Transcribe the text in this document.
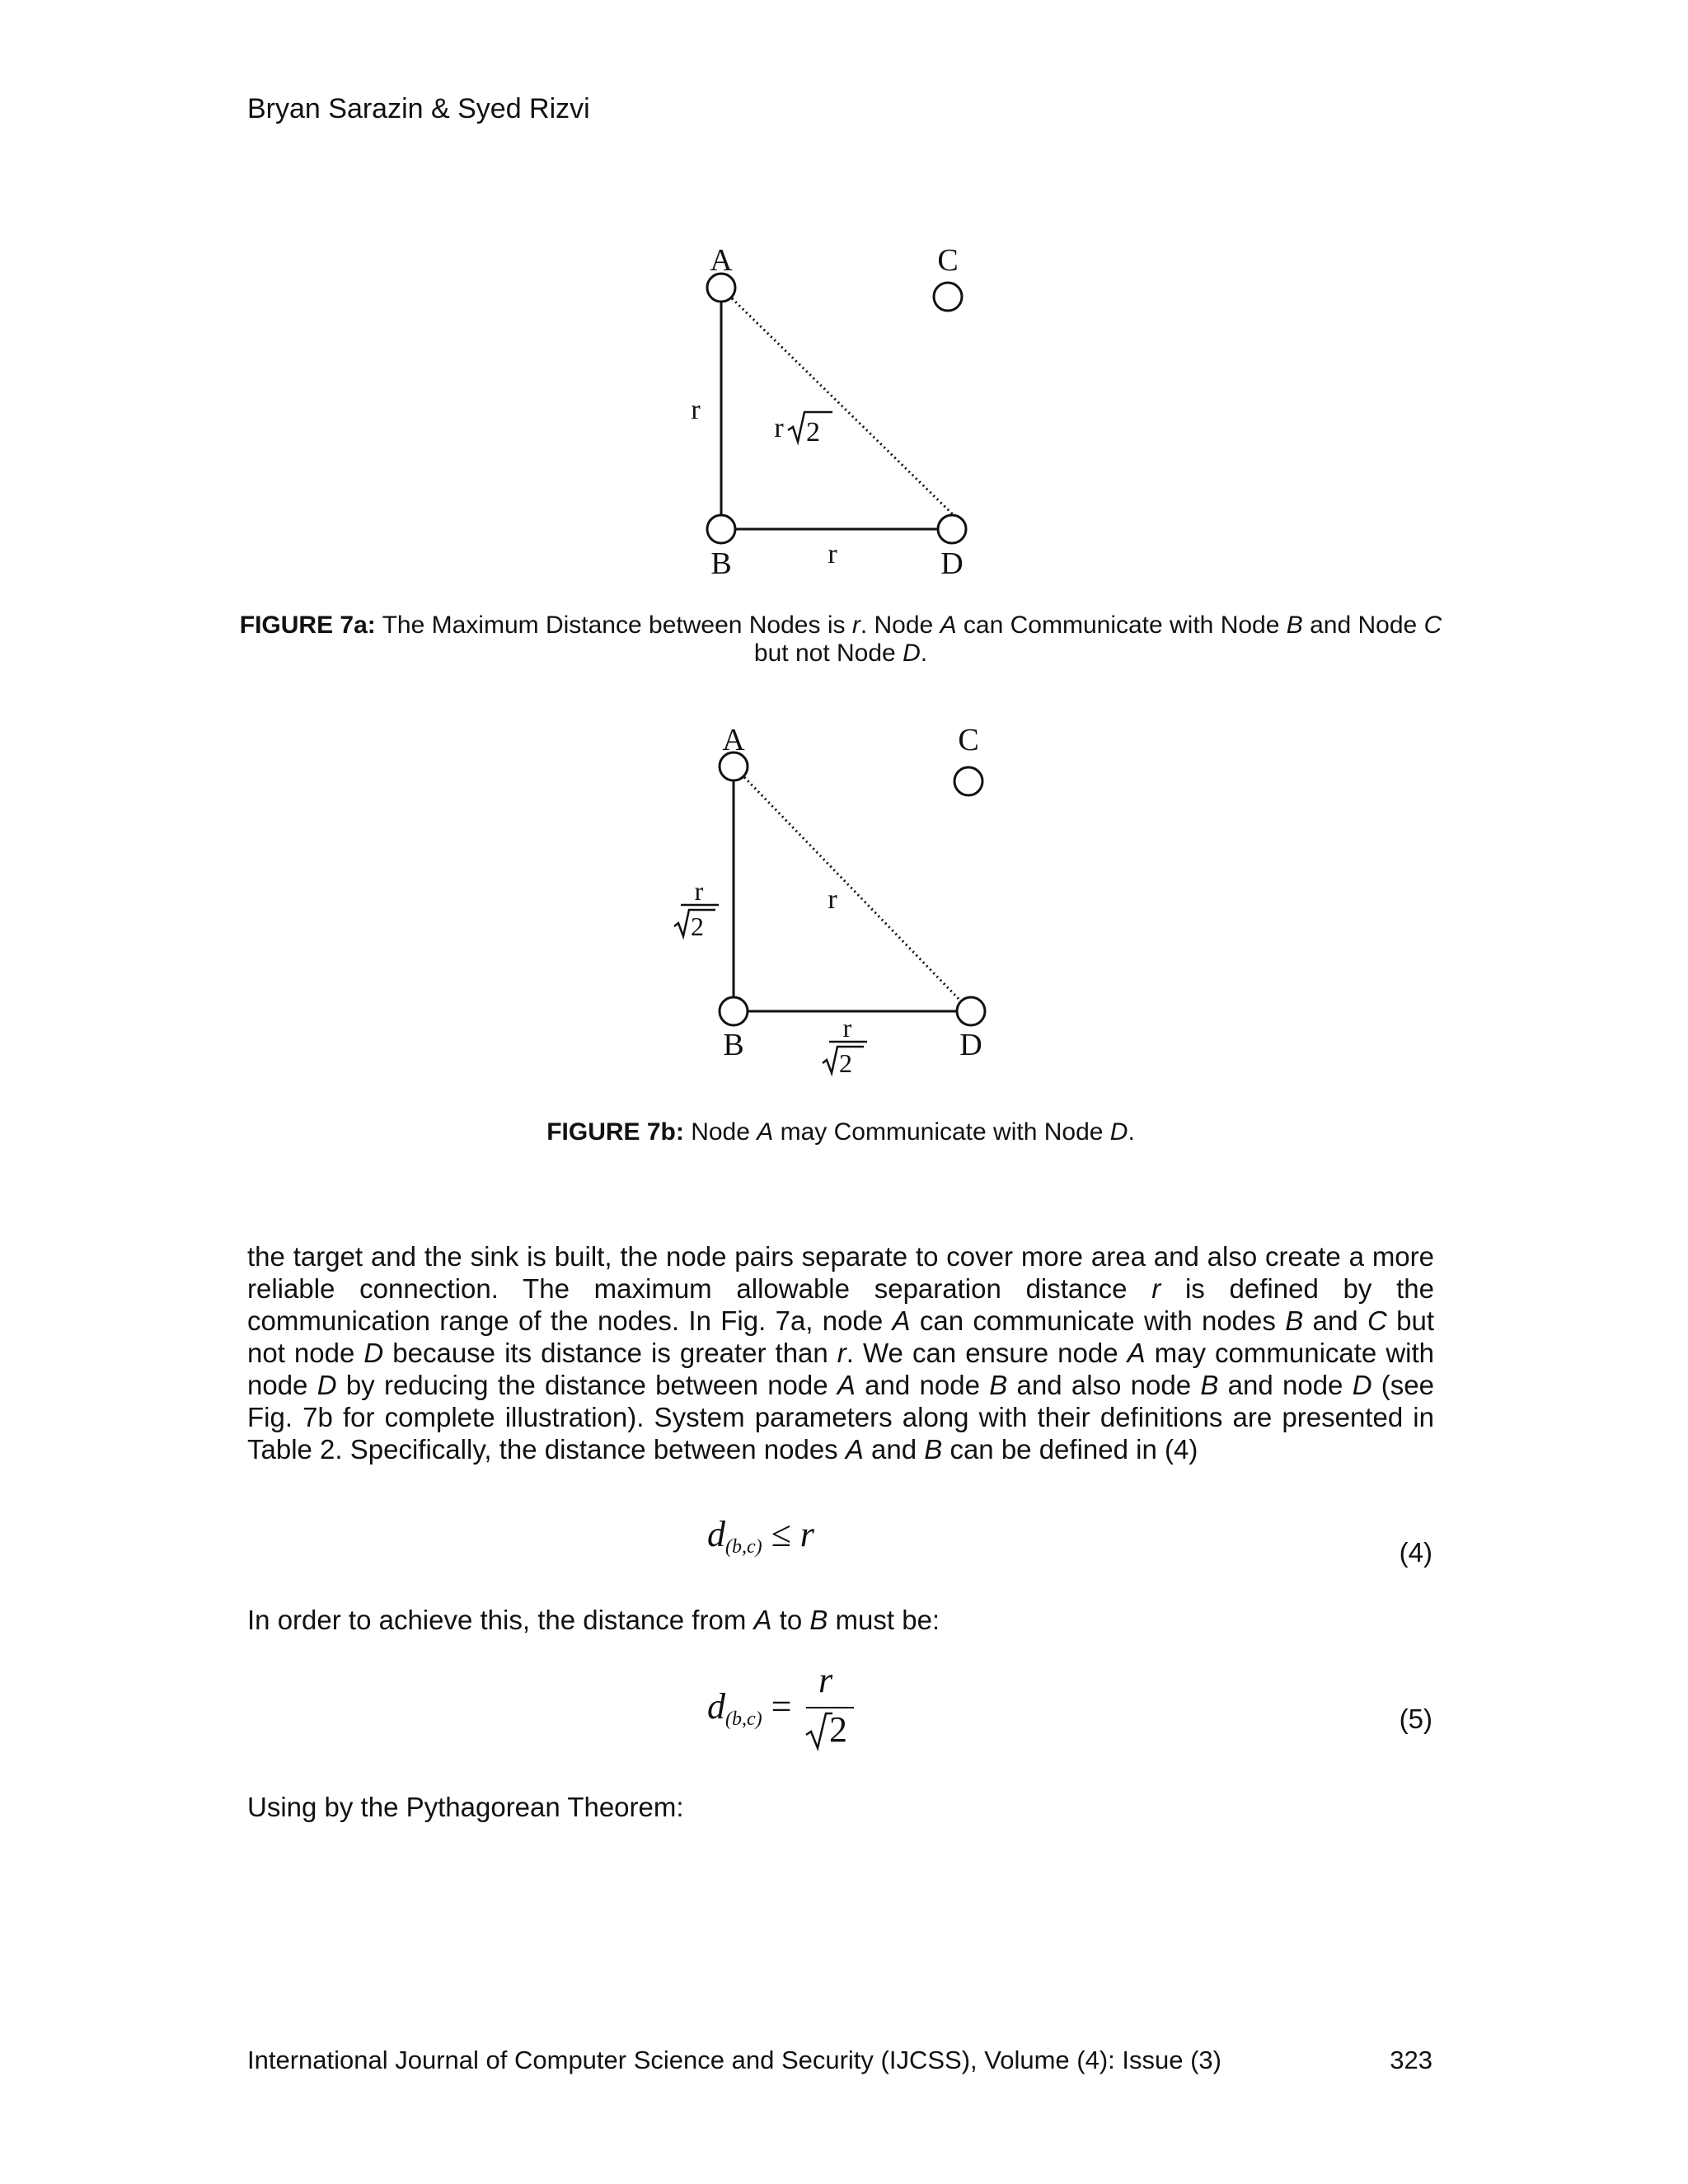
Bryan Sarazin & Syed Rizvi
A	C
B	D
r
r
r 2
FIGURE 7a: The Maximum Distance between Nodes is r. Node A can Communicate with Node B and Node C
but not Node D.
A	C
B	D
r
r
2
r
2
FIGURE 7b: Node A may Communicate with Node D.
the target and the sink is built, the node pairs separate to cover more area and also create a more reliable connection. The maximum allowable separation distance r is defined by the communication range of the nodes. In Fig. 7a, node A can communicate with nodes B and C but not node D because its distance is greater than r. We can ensure node A may communicate with node D by reducing the distance between node A and node B and also node B and node D (see Fig. 7b for complete illustration). System parameters along with their definitions are presented in Table 2. Specifically, the distance between nodes A and B can be defined in (4)
d(b,c) ≤ r	(4)
In order to achieve this, the distance from A to B must be:
d(b,c) =
r
2	(5)
Using by the Pythagorean Theorem:
International Journal of Computer Science and Security (IJCSS), Volume (4): Issue (3)	323
